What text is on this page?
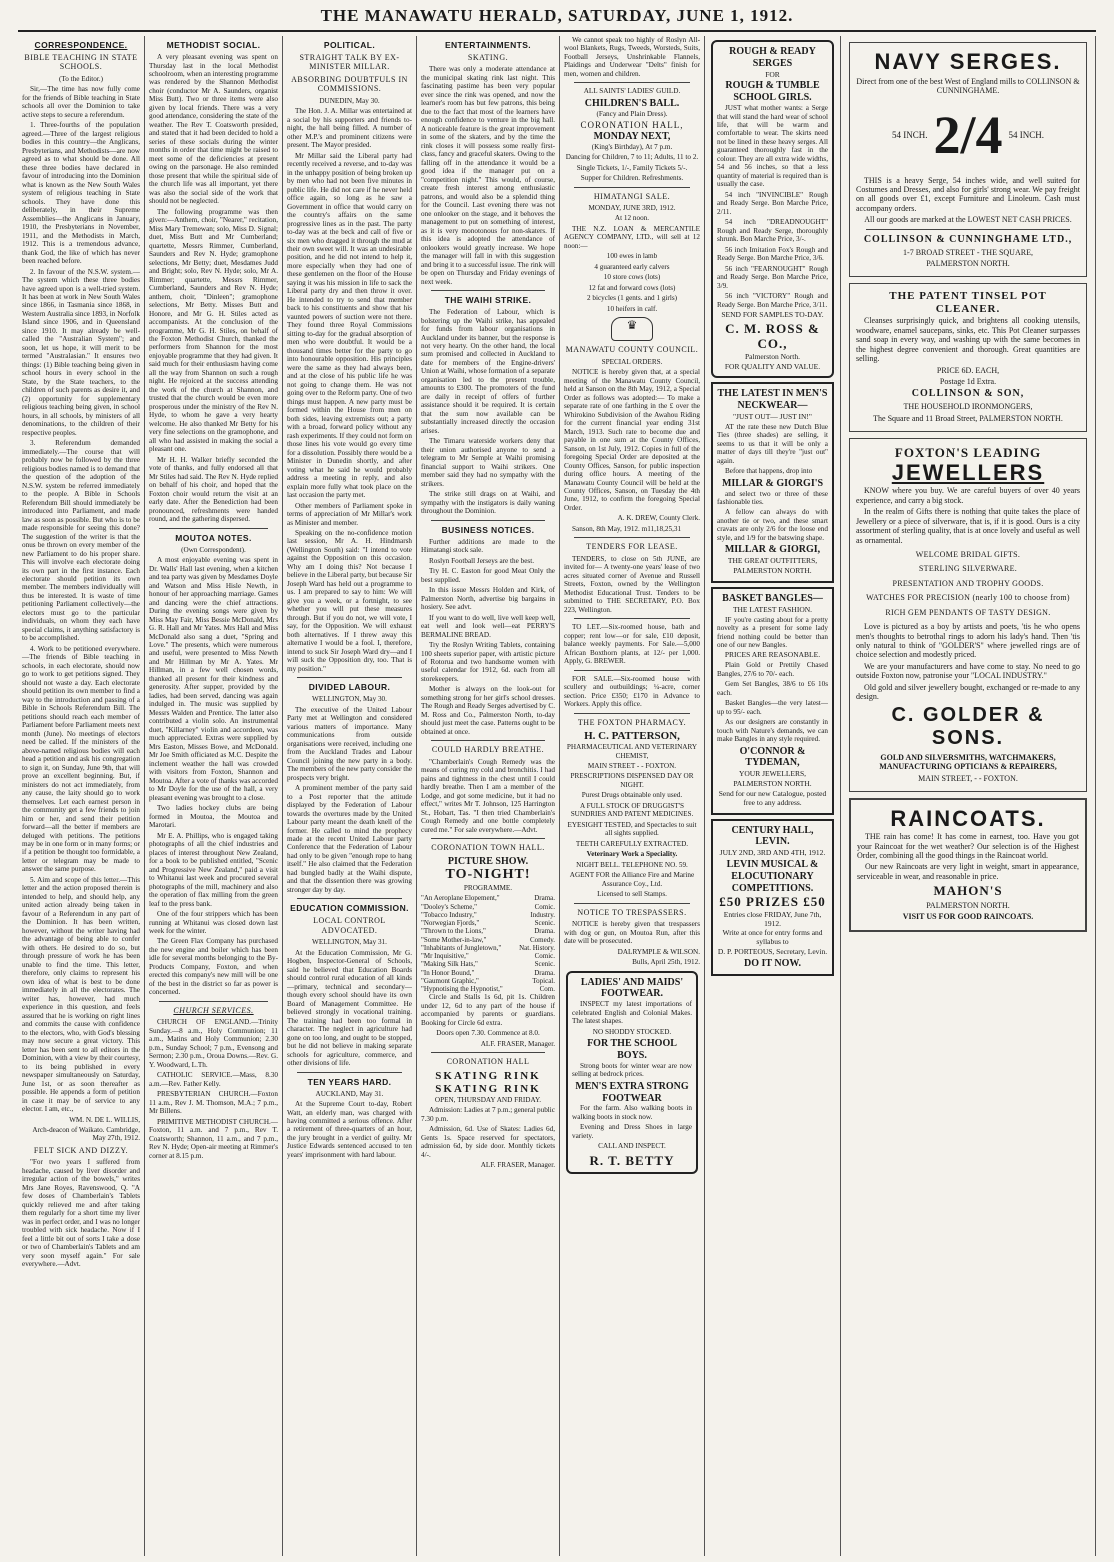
THE MANAWATU HERALD, SATURDAY, JUNE 1, 1912.
CORRESPONDENCE.
BIBLE TEACHING IN STATE SCHOOLS.

(To the Editor.)

Sir,—The time has now fully come for the friends of Bible teaching in State schools all over the Dominion to take active steps to secure a referendum.

1. Three-fourths of the population agreed.—Three of the largest religious bodies in this country—the Anglicans, Presbyterians, and Methodists—are now agreed as to what should be done. All these three bodies have declared in favour of introducing into the Dominion what is known as the New South Wales system of religious teaching in State schools. They have done this deliberately, in their Supreme Assemblies—the Anglicans in January, 1910, the Presbyterians in November, 1911, and the Methodists in March, 1912. This is a tremendous advance, thank God, the like of which has never been reached before.

2. In favour of the N.S.W. system.—The system which these three bodies have agreed upon is a well-tried system. It has been at work in New South Wales since 1866, in Tasmania since 1868, in Western Australia since 1893, in Norfolk Island since 1906, and in Queensland since 1910. It may already be well-called the "Australian System"; and soon, let us hope, it will merit to be termed "Australasian." It ensures two things: (1) Bible teaching being given in school hours in every school in the State, by the State teachers, to the children of such parents as desire it, and (2) opportunity for supplementary religious teaching being given, in school hours, in all schools, by ministers of all denominations, to the children of their respective peoples.

3. Referendum demanded immediately.—The course that will probably now be followed by the three religious bodies named is to demand that the question of the adoption of the N.S.W. system be referred immediately to the people. A Bible in Schools Referendum Bill should immediately be introduced into Parliament, and made law as soon as possible. But who is to be made responsible for seeing this done? The suggestion of the writer is that the onus be thrown on every member of the new Parliament to do his proper share. This will involve each electorate doing its own part in the first instance. Each electorate should petition its own member. The members individually will thus be interested. It is waste of time petitioning Parliament collectively—the electors must go to the particular individuals, on whom they each have special claims, it anything satisfactory is to be accomplished.

4. Work to be petitioned everywhere.—The friends of Bible teaching in schools, in each electorate, should now go to work to get petitions signed. They should not waste a day. Each electorate should petition its own member to find a way to the introduction and passing of a Bible in Schools Referendum Bill. The petitions should reach each member of Parliament before Parliament meets next month (June). No meetings of electors need be called. If the ministers of the above-named religious bodies will each head a petition and ask his congregation to sign it, on Sunday, June 9th, that will prove an excellent beginning. But, if ministers do not act immediately, from any cause, the laity should go to work themselves. Let each earnest person in the community get a few friends to join him or her, and send their petition forward—all the better if members are deluged with petitions. The petitions may be in one form or in many forms; or if a petition be thought too formidable, a letter or telegram may be made to answer the same purpose.

5. Aim and scope of this letter.—This letter and the action proposed therein is intended to help, and should help, any united action already being taken in favour of a Referendum in any part of the Dominion. It has been written, however, without the writer having had the advantage of being able to confer with others. He desired to do so, but through pressure of work he has been unable to find the time. This letter, therefore, only claims to represent his own idea of what is best to be done immediately in all the electorates. The writer has, however, had much experience in this question, and feels assured that he is working on right lines and commits the cause with confidence to the electors, who, with God's blessing may now secure a great victory. This letter has been sent to all editors in the Dominion, with a view by their courtesy, to its being published in every newspaper simultaneously on Saturday, June 1st, or as soon thereafter as possible. He appends a form of petition in case it may be of service to any elector. I am, etc.,

WM. N. DE L. WILLIS,

Arch-deacon of Waikato. Cambridge, May 27th, 1912.

FELT SICK AND DIZZY.

"For two years I suffered from headache, caused by liver disorder and irregular action of the bowels," writes Mrs Jane Royes, Ravenswood, Q. "A few doses of Chamberlain's Tablets quickly relieved me and after taking them regularly for a short time my liver was in perfect order, and I was no longer troubled with sick headache. Now if I feel a little bit out of sorts I take a dose or two of Chamberlain's Tablets and am very soon myself again." For sale everywhere.—Advt.

METHODIST SOCIAL.

A very pleasant evening was spent on Thursday last in the local Methodist schoolroom, when an interesting programme was rendered by the Shannon Methodist choir (conductor Mr A. Saunders, organist Miss Butt). Two or three items were also given by local friends. There was a very good attendance, considering the state of the weather. The Rev T. Coatsworth presided, and stated that it had been decided to hold a series of these socials during the winter months in order that time might be raised to meet some of the deficiencies at present owing on the parsonage. He also reminded those present that while the spiritual side of the church life was all important, yet there was also the social side of the work that should not be neglected.

The following programme was then given:—Anthem, choir, "Nearer," recitation, Miss Mary Tremewan; solo, Miss D. Signal; duet, Miss Butt and Mr Cumberland; quartette, Messrs Rimmer, Cumberland, Saunders and Rev N. Hyde; gramophone selections, Mr Betty; duet, Mesdames Judd and Bright; solo, Rev N. Hyde; solo, Mr A. Rimmer; quartette, Messrs Rimmer, Cumberland, Saunders and Rev N. Hyde; anthem, choir, "Dinleen"; gramophone selections, Mr Betty. Misses Butt and Honore, and Mr G. H. Stiles acted as accompanists. At the conclusion of the programme, Mr G. H. Stiles, on behalf of the Foxton Methodist Church, thanked the performers from Shannon for the most enjoyable programme that they had given. It said much for their enthusiasm having come all the way from Shannon on such a rough night. He rejoiced at the success attending the work of the church at Shannon, and trusted that the church would be even more prosperous under the ministry of the Rev N. Hyde, to whom he gave a very hearty welcome. He also thanked Mr Betty for his very fine selections on the gramophone, and all who had assisted in making the social a pleasant one.

Mr H. H. Walker briefly seconded the vote of thanks, and fully endorsed all that Mr Stiles had said. The Rev N. Hyde replied on behalf of his choir, and hoped that the Foxton choir would return the visit at an early date. After the Benediction had been pronounced, refreshments were handed round, and the gathering dispersed.

MOUTOA NOTES.

(Own Correspondent).

A most enjoyable evening was spent in Dr. Walls' Hall last evening, when a kitchen and tea party was given by Mesdames Doyle and Watson and Miss Hisle Newth, in honour of her approaching marriage. Games and dancing were the chief attractions. During the evening songs were given by Miss May Fair, Miss Bessie McDonald, Mrs G. R. Hall and Mr Yates. Mrs Hall and Miss McDonald also sang a duet, "Spring and Love." The presents, which were numerous and useful, were presented to Miss Newth and Mr Hillman by Mr A. Yates. Mr Hillman, in a few well chosen words, thanked all present for their kindness and generosity. After supper, provided by the ladies, had been served, dancing was again indulged in. The music was supplied by Messrs Walden and Prentice. The latter also contributed a violin solo. An instrumental duet, "Killarney" violin and accordeon, was much appreciated. Extras were supplied by Mrs Easton, Misses Bowe, and McDonald. Mr Joe Smith officiated as M.C. Despite the inclement weather the hall was crowded with visitors from Foxton, Shannon and Moutoa. After a vote of thanks was accorded to Mr Doyle for the use of the hall, a very pleasant evening was brought to a close.

Two ladies hockey clubs are being formed in Moutoa, the Moutoa and Marotari.

Mr E. A. Phillips, who is engaged taking photographs of all the chief industries and places of interest throughout New Zealand, for a book to be published entitled, "Scenic and Progressive New Zealand," paid a visit to Whitanui last week and procured several photographs of the mill, machinery and also the operation of flax milling from the green leaf to the press bank.

One of the four strippers which has been running at Whitanui was closed down last week for the winter.

The Green Flax Company has purchased the new engine and boiler which has been idle for several months belonging to the By-Products Company, Foxton, and when erected this company's new mill will be one of the best in the district so far as power is concerned.

CHURCH SERVICES.

CHURCH OF ENGLAND.—Trinity Sunday.—8 a.m., Holy Communion; 11 a.m., Matins and Holy Communion; 2.30 p.m., Sunday School; 7 p.m., Evensong and Sermon; 2.30 p.m., Oroua Downs.—Rev. G. Y. Woodward, L.Th.

CATHOLIC SERVICE.—Mass, 8.30 a.m.—Rev. Father Kelly.

PRESBYTERIAN CHURCH.—Foxton 11 a.m., Rev J. M. Thomson, M.A.; 7 p.m., Mr Billens.

PRIMITIVE METHODIST CHURCH.—Foxton, 11 a.m. and 7 p.m., Rev T. Coatsworth; Shannon, 11 a.m., and 7 p.m., Rev N. Hyde; Open-air meeting at Rimmer's corner at 8.15 p.m.

POLITICAL.
STRAIGHT TALK BY EX-MINISTER MILLAR.
ABSORBING DOUBTFULS IN COMMISSIONS.

DUNEDIN, May 30.

The Hon. J. A. Millar was entertained at a social by his supporters and friends to-night, the hall being filled. A number of other M.P.'s and prominent citizens were present. The Mayor presided.

Mr Millar said the Liberal party had recently received a reverse, and to-day was in the unhappy position of being broken up by men who had not been five minutes in public life. He did not care if he never held office again, so long as he saw a Government in office that would carry on the country's affairs on the same progressive lines as in the past. The party to-day was at the beck and call of five or six men who dragged it through the mud at their own sweet will. It was an undesirable position, and he did not intend to help it, more especially when they had one of these gentlemen on the floor of the House saying it was his mission in life to sack the Liberal party dry and then throw it over. He intended to try to send that member back to his constituents and show that his vaunted powers of suction were not there. They found three Royal Commissions sitting to-day for the gradual absorption of men who were doubtful. It would be a thousand times better for the party to go into honourable opposition. His principles were the same as they had always been, and at the close of his public life he was not going to change them. He was not going over to the Reform party. One of two things must happen. A new party must be formed within the House from men on both sides, leaving extremists out; a party with a broad, forward policy without any rash experiments. If they could not form on those lines his vote would go every time for a dissolution. Possibly there would be a Minister in Dunedin shortly, and after voting what he said he would probably address a meeting in reply, and also explain more fully what took place on the last occasion the party met.

Other members of Parliament spoke in terms of appreciation of Mr Millar's work as Minister and member.

Speaking on the no-confidence motion last session, Mr A. H. Hindmarsh (Wellington South) said: "I intend to vote against the Opposition on this occasion. Why am I doing this? Not because I believe in the Liberal party, but because Sir Joseph Ward has held out a programme to us. I am prepared to say to him: We will give you a week, or a fortnight, to see whether you will put these measures through. But if you do not, we will vote, I say, for the Opposition. We will exhaust both alternatives. If I threw away this alternative I would be a fool. I, therefore, intend to suck Sir Joseph Ward dry—and I will suck the Opposition dry, too. That is my position."

DIVIDED LABOUR.

WELLINGTON, May 30.

The executive of the United Labour Party met at Wellington and considered various matters of importance. Many communications from outside organisations were received, including one from the Auckland Trades and Labour Council joining the new party in a body. The members of the new party consider the prospects very bright.

A prominent member of the party said to a Post reporter that the attitude displayed by the Federation of Labour towards the overtures made by the United Labour party meant the death knell of the former. He called to mind the prophecy made at the recent United Labour party Conference that the Federation of Labour had only to be given "enough rope to hang itself." He also claimed that the Federation had bungled badly at the Waihi dispute, and that the dissention there was growing stronger day by day.

EDUCATION COMMISSION.
LOCAL CONTROL ADVOCATED.

WELLINGTON, May 31.

At the Education Commission, Mr G. Hogben, Inspector-General of Schools, said he believed that Education Boards should control rural education of all kinds—primary, technical and secondary—though every school should have its own Board of Management Committee. He believed strongly in vocational training. The training had been too formal in character. The neglect in agriculture had gone on too long, and ought to be stopped, but he did not believe in making separate schools for agriculture, commerce, and other divisions of life.

TEN YEARS HARD.

AUCKLAND, May 31.

At the Supreme Court to-day, Robert Watt, an elderly man, was charged with having committed a serious offence. After a retirement of three-quarters of an hour, the jury brought in a verdict of guilty. Mr Justice Edwards sentenced accused to ten years' imprisonment with hard labour.

ENTERTAINMENTS.
SKATING.

There was only a moderate attendance at the municipal skating rink last night. This fascinating pastime has been very popular ever since the rink was opened, and now the learner's room has but few patrons, this being due to the fact that most of the learners have enough confidence to venture in the big hall. A noticeable feature is the great improvement in some of the skaters, and by the time the rink closes it will possess some really first-class, fancy and graceful skaters. Owing to the falling off in the attendance it would be a good idea if the manager put on a "competition night." This would, of course, create fresh interest among enthusiastic patrons, and would also be a splendid thing for the Council. Last evening there was not one onlooker on the stage, and it behoves the management to put on something of interest, as it is very monotonous for non-skaters. If this idea is adopted the attendance of onlookers would greatly increase. We hope the manager will fall in with this suggestion and bring it to a successful issue. The rink will be open on Thursday and Friday evenings of next week.

THE WAIHI STRIKE.

The Federation of Labour, which is bolstering up the Waihi strike, has appealed for funds from labour organisations in Auckland under its banner, but the response is not very hearty. On the other hand, the local sum promised and collected in Auckland to date for members of the Engine-drivers' Union at Waihi, whose formation of a separate organisation led to the present trouble, amounts to £300. The promoters of the fund are daily in receipt of offers of further assistance should it be required. It is certain that the sum now available can be substantially increased directly the occasion arises.

The Timaru waterside workers deny that their union authorised anyone to send a telegram to Mr Semple at Waihi promising financial support to Waihi strikers. One member said they had no sympathy with the strikers.

The strike still drags on at Waihi, and sympathy with the instigators is daily waning throughout the Dominion.

BUSINESS NOTICES.

Further additions are made to the Himatangi stock sale.

Roslyn Football Jerseys are the best.

Try H. C. Easton for good Meat Only the best supplied.

In this issue Messrs Holden and Kirk, of Palmerston North, advertise big bargains in hosiery. See advt.

If you want to do well, live well keep well, eat well and look well—eat PERRY'S BERMALINE BREAD.

Try the Roslyn Writing Tablets, containing 100 sheets superior paper, with artistic picture of Rotorua and two handsome women with useful calendar for 1912, 6d. each from all storekeepers.

Mother is always on the look-out for something strong for her girl's school dresses. The Rough and Ready Serges advertised by C. M. Ross and Co., Palmerston North, to-day should just meet the case. Patterns ought to be obtained at once.

COULD HARDLY BREATHE.

"Chamberlain's Cough Remedy was the means of curing my cold and bronchitis. I had pains and tightness in the chest until I could hardly breathe. Then I am a member of the Lodge, and got some medicine, but it had no effect," writes Mr T. Johnson, 125 Harrington St., Hobart, Tas. "I then tried Chamberlain's Cough Remedy and one bottle completely cured me." For sale everywhere.—Advt.

CORONATION TOWN HALL.
PICTURE SHOW.
TO-NIGHT!

PROGRAMME.

"An Aeroplane Elopement,"	Drama.
"Dooley's Scheme,"	Comic.
"Tobacco Industry,"	Industry.
"Norwegian Fjords,"	Scenic.
"Thrown to the Lions,"	Drama.
"Some Mother-in-law,"	Comedy.
"Inhabitants of Jungletown,"	Nat. History.
"Mr Inquisitive,"	Comic.
"Making Silk Hats,"	Scenic.
"In Honor Bound,"	Drama.
"Gaumont Graphic,"	Topical.
"Hypnotising the Hypnotist,"	Com.

Circle and Stalls 1s 6d, pit 1s. Children under 12, 6d to any part of the house if accompanied by parents or guardians. Booking for Circle 6d extra.

Doors open 7.30. Commence at 8.0.

ALF. FRASER, Manager.

CORONATION HALL
SKATING RINK
SKATING RINK

OPEN, THURSDAY AND FRIDAY.

Admission: Ladies at 7 p.m.; general public 7.30 p.m.

Admission, 6d. Use of Skates: Ladies 6d, Gents 1s. Space reserved for spectators, admission 6d, by side door. Monthly tickets 4/-.

ALF. FRASER, Manager.

We cannot speak too highly of Roslyn All-wool Blankets, Rugs, Tweeds, Worsteds, Suits, Football Jerseys, Unshrinkable Flannels, Plaidings and Underwear "Delts" finish for men, women and children.

ALL SAINTS' LADIES' GUILD.

CHILDREN'S BALL.

(Fancy and Plain Dress).

CORONATION HALL,
MONDAY NEXT,

(King's Birthday), At 7 p.m.

Dancing for Children, 7 to 11; Adults, 11 to 2.

Single Tickets, 1/-, Family Tickets 5/-.

Supper for Children. Refreshments.

HIMATANGI SALE.

MONDAY, JUNE 3RD, 1912.

At 12 noon.

THE N.Z. LOAN & MERCANTILE AGENCY COMPANY, LTD., will sell at 12 noon:—

100 ewes in lamb

4 guaranteed early calvers

10 store cows (lots)

12 fat and forward cows (lots)

2 bicycles (1 gents. and 1 girls)

10 heifers in calf.

♛
MANAWATU COUNTY COUNCIL.

SPECIAL ORDERS.

NOTICE is hereby given that, at a special meeting of the Manawatu County Council, held at Sanson on the 8th May, 1912, a Special Order as follows was adopted:— To make a separate rate of one farthing in the £ over the Whirokino Subdivision of the Awahou Riding for the current financial year ending 31st March, 1913. Such rate to become due and payable in one sum at the County Offices, Sanson, on 1st July, 1912. Copies in full of the foregoing Special Order are deposited at the County Offices, Sanson, for public inspection during office hours. A meeting of the Manawatu County Council will be held at the County Offices, Sanson, on Tuesday the 4th June, 1912, to confirm the foregoing Special Order.

A. K. DREW, County Clerk.

Sanson, 8th May, 1912. m11,18,25,31

TENDERS FOR LEASE.

TENDERS, to close on 5th JUNE, are invited for— A twenty-one years' lease of two acres situated corner of Avenue and Russell Streets, Foxton, owned by the Wellington Methodist Educational Trust. Tenders to be submitted to THE SECRETARY, P.O. Box 223, Wellington.

TO LET.—Six-roomed house, bath and copper; rent low—or for sale, £10 deposit, balance weekly payments. For Sale.—5,000 African Boxthorn plants, at 12/- per 1,000. Apply, G. BREWER.

FOR SALE.—Six-roomed house with scullery and outbuildings; ¼-acre, corner section. Price £350; £170 in Advance to Workers. Apply this office.

THE FOXTON PHARMACY.
H. C. PATTERSON,

PHARMACEUTICAL AND VETERINARY CHEMIST,

MAIN STREET - - FOXTON.

PRESCRIPTIONS DISPENSED DAY OR NIGHT.

Purest Drugs obtainable only used.

A FULL STOCK OF DRUGGIST'S SUNDRIES AND PATENT MEDICINES.

EYESIGHT TESTED, and Spectacles to suit all sights supplied.

TEETH CAREFULLY EXTRACTED.

Veterinary Work a Speciality.

NIGHT BELL. TELEPHONE NO. 59.

AGENT FOR the Alliance Fire and Marine Assurance Coy., Ltd.

Licensed to sell Stamps.

NOTICE TO TRESPASSERS.

NOTICE is hereby given that trespassers with dog or gun, on Moutoa Run, after this date will be prosecuted.

DALRYMPLE & WILSON.

Bulls, April 25th, 1912.

LADIES' AND MAIDS' FOOTWEAR.

INSPECT my latest importations of celebrated English and Colonial Makes. The latest shapes.

NO SHODDY STOCKED.

FOR THE SCHOOL BOYS.

Strong boots for winter wear are now selling at bedrock prices.

MEN'S EXTRA STRONG FOOTWEAR

For the farm. Also walking boots in walking boots in stock now.

Evening and Dress Shoes in large variety.

CALL AND INSPECT.

R. T. BETTY
ROUGH & READY SERGES
FOR
ROUGH & TUMBLE SCHOOL GIRLS.

JUST what mother wants: a Serge that will stand the hard wear of school life, that will be warm and comfortable to wear. The skirts need not be lined in these heavy serges. All guaranteed thoroughly fast in the colour. They are all extra wide widths, 54 and 56 inches, so that a less quantity of material is required than is usually the case.

54 inch "INVINCIBLE" Rough and Ready Serge. Bon Marche Price, 2/11.

54 inch "DREADNOUGHT" Rough and Ready Serge, thoroughly shrunk. Bon Marche Price, 3/-.

56 inch Imitation Fox's Rough and Ready Serge. Bon Marche Price, 3/6.

56 inch "FEARNOUGHT" Rough and Ready Serge. Bon Marche Price, 3/9.

56 inch "VICTORY" Rough and Ready Serge. Bon Marche Price, 3/11.

SEND FOR SAMPLES TO-DAY.
C. M. ROSS & CO.,
Palmerston North.
FOR QUALITY AND VALUE.
THE LATEST IN MEN'S NECKWEAR—
"JUST OUT— JUST IN!"

AT the rate these new Dutch Blue Ties (three shades) are selling, it seems to us that it will be only a matter of days till they're "just out" again.

Before that happens, drop into

MILLAR & GIORGI'S

and select two or three of these fashionable ties.

A fellow can always do with another tie or two, and these smart cravats are only 2/6 for the loose end style, and 1/9 for the batswing shape.

MILLAR & GIORGI,
THE GREAT OUTFITTERS,
PALMERSTON NORTH.
BASKET BANGLES—
THE LATEST FASHION.

IF you're casting about for a pretty novelty as a present for some lady friend nothing could be better than one of our new Bangles.

PRICES ARE REASONABLE.

Plain Gold or Prettily Chased Bangles, 27/6 to 70/- each.

Gem Set Bangles, 38/6 to £6 10s each.

Basket Bangles—the very latest—up to 95/- each.

As our designers are constantly in touch with Nature's demands, we can make Bangles in any style required.

O'CONNOR & TYDEMAN,
YOUR JEWELLERS,
PALMERSTON NORTH.
Send for our new Catalogue, posted free to any address.
CENTURY HALL, LEVIN.
JULY 2ND, 3RD AND 4TH, 1912.
LEVIN MUSICAL & ELOCUTIONARY COMPETITIONS.
£50 PRIZES £50
Entries close FRIDAY, June 7th, 1912.
Write at once for entry forms and syllabus to
D. P. PORTEOUS, Secretary, Levin.
DO IT NOW.
NAVY SERGES.
Direct from one of the best West of England mills to COLLINSON & CUNNINGHAME.
54 INCH. 2/4 54 INCH.

THIS is a heavy Serge, 54 inches wide, and well suited for Costumes and Dresses, and also for girls' strong wear. We pay freight on all goods over £1, except Furniture and Linoleum. Cash must accompany orders.

All our goods are marked at the LOWEST NET CASH PRICES.
COLLINSON & CUNNINGHAME LTD.,
1-7 BROAD STREET - THE SQUARE,
PALMERSTON NORTH.
THE PATENT TINSEL POT CLEANER.

Cleanses surprisingly quick, and brightens all cooking utensils, woodware, enamel saucepans, sinks, etc. This Pot Cleaner surpasses sand soap in every way, and washing up with the same becomes in the highest degree convenient and thorough. Great quantities are selling.

PRICE 6D. EACH,
Postage 1d Extra.
COLLINSON & SON,
THE HOUSEHOLD IRONMONGERS,
The Square and 11 Broad Street, PALMERSTON NORTH.
FOXTON'S LEADING
JEWELLERS

KNOW where you buy. We are careful buyers of over 40 years experience, and carry a big stock.

In the realm of Gifts there is nothing that quite takes the place of Jewellery or a piece of silverware, that is, if it is good. Ours is a city assortment of sterling quality, that is at once lovely and useful as well as ornamental.

WELCOME BRIDAL GIFTS.
STERLING SILVERWARE.
PRESENTATION AND TROPHY GOODS.
WATCHES FOR PRECISION (nearly 100 to choose from)
RICH GEM PENDANTS OF TASTY DESIGN.

Love is pictured as a boy by artists and poets, 'tis he who opens men's thoughts to betrothal rings to adorn his lady's hand. Then 'tis only natural to think of "GOLDER'S" where jewelled rings are of choice selection and modestly priced.

We are your manufacturers and have come to stay. No need to go outside Foxton now, patronise your "LOCAL INDUSTRY."

Old gold and silver jewellery bought, exchanged or re-made to any design.

C. GOLDER & SONS.
GOLD AND SILVERSMITHS, WATCHMAKERS, MANUFACTURING OPTICIANS & REPAIRERS,
MAIN STREET, - - FOXTON.
RAINCOATS.

THE rain has come! It has come in earnest, too. Have you got your Raincoat for the wet weather? Our selection is of the Highest Order, combining all the good things in the Raincoat world.

Our new Raincoats are very light in weight, smart in appearance, serviceable in wear, and reasonable in price.

MAHON'S
PALMERSTON NORTH.
VISIT US FOR GOOD RAINCOATS.
